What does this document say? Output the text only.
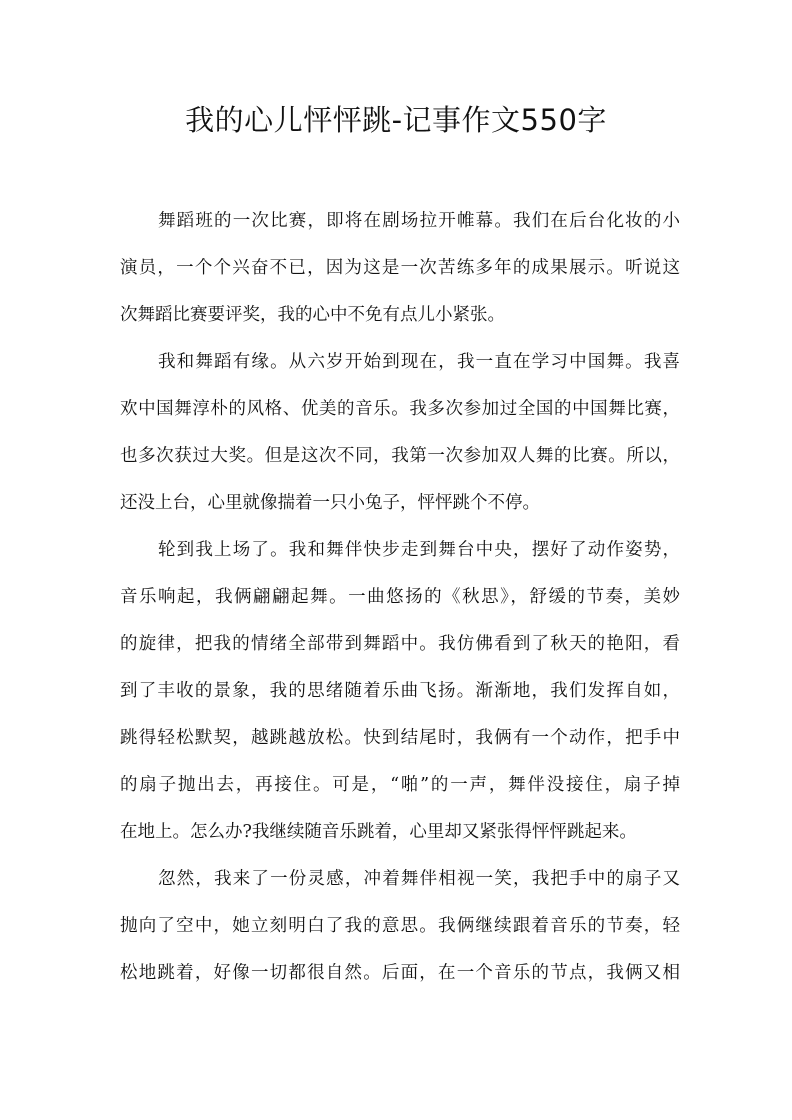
我的心儿怦怦跳-记事作文550字
舞蹈班的一次比赛，即将在剧场拉开帷幕。我们在后台化妆的小
演员，一个个兴奋不已，因为这是一次苦练多年的成果展示。听说这
次舞蹈比赛要评奖，我的心中不免有点儿小紧张。
我和舞蹈有缘。从六岁开始到现在，我一直在学习中国舞。我喜
欢中国舞淳朴的风格、优美的音乐。我多次参加过全国的中国舞比赛，
也多次获过大奖。但是这次不同，我第一次参加双人舞的比赛。所以，
还没上台，心里就像揣着一只小兔子，怦怦跳个不停。
轮到我上场了。我和舞伴快步走到舞台中央，摆好了动作姿势，
音乐响起，我俩翩翩起舞。一曲悠扬的《秋思》，舒缓的节奏，美妙
的旋律，把我的情绪全部带到舞蹈中。我仿佛看到了秋天的艳阳，看
到了丰收的景象，我的思绪随着乐曲飞扬。渐渐地，我们发挥自如，
跳得轻松默契，越跳越放松。快到结尾时，我俩有一个动作，把手中
的扇子抛出去，再接住。可是，“啪”的一声，舞伴没接住，扇子掉
在地上。怎么办?我继续随音乐跳着，心里却又紧张得怦怦跳起来。
忽然，我来了一份灵感，冲着舞伴相视一笑，我把手中的扇子又
抛向了空中，她立刻明白了我的意思。我俩继续跟着音乐的节奏，轻
松地跳着，好像一切都很自然。后面，在一个音乐的节点，我俩又相
